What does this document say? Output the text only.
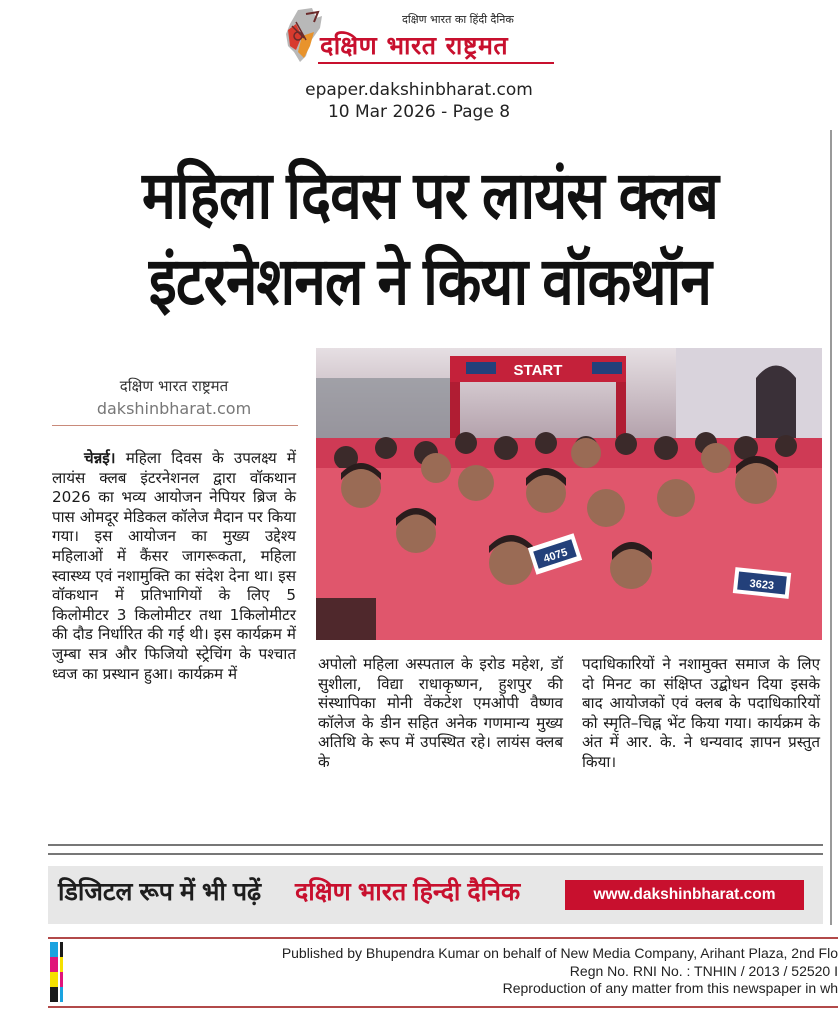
दक्षिण भारत का हिंदी दैनिक
दक्षिण भारत राष्ट्रमत
epaper.dakshinbharat.com
10 Mar 2026 - Page 8
महिला दिवस पर लायंस क्लब
इंटरनेशनल ने किया वॉकथॉन
दक्षिण भारत राष्ट्रमत
dakshinbharat.com
चेन्नई। महिला दिवस के उपलक्ष्य में लायंस क्लब इंटरनेशनल द्वारा वॉकथान 2026 का भव्य आयोजन नेपियर ब्रिज के पास ओमदूर मेडिकल कॉलेज मैदान पर किया गया। इस आयोजन का मुख्य उद्देश्य महिलाओं में कैंसर जागरूकता, महिला स्वास्थ्य एवं नशामुक्ति का संदेश देना था। इस वॉकथान में प्रतिभागियों के लिए 5 किलोमीटर 3 किलोमीटर तथा 1किलोमीटर की दौड निर्धारित की गई थी। इस कार्यक्रम में जुम्बा सत्र और फिजियो स्ट्रेचिंग के पश्चात ध्वज का प्रस्थान हुआ। कार्यक्रम में
START
4075
3623
अपोलो महिला अस्पताल के इरोड महेश, डॉ सुशीला, विद्या राधाकृष्णन, हुशपुर की संस्थापिका मोनी वेंकटेश एमओपी वैष्णव कॉलेज के डीन सहित अनेक गणमान्य मुख्य अतिथि के रूप में उपस्थित रहे। लायंस क्लब के
पदाधिकारियों ने नशामुक्त समाज के लिए दो मिनट का संक्षिप्त उद्बोधन दिया इसके बाद आयोजकों एवं क्लब के पदाधिकारियों को स्मृति–चिह्न भेंट किया गया। कार्यक्रम के अंत में आर. के. ने धन्यवाद ज्ञापन प्रस्तुत किया।
डिजिटल रूप में भी पढ़ें दक्षिण भारत हिन्दी दैनिक	www.dakshinbharat.com
Published by Bhupendra Kumar on behalf of New Media Company, Arihant Plaza, 2nd Flo
Regn No. RNI No. : TNHIN / 2013 / 52520 I
Reproduction of any matter from this newspaper in wh
